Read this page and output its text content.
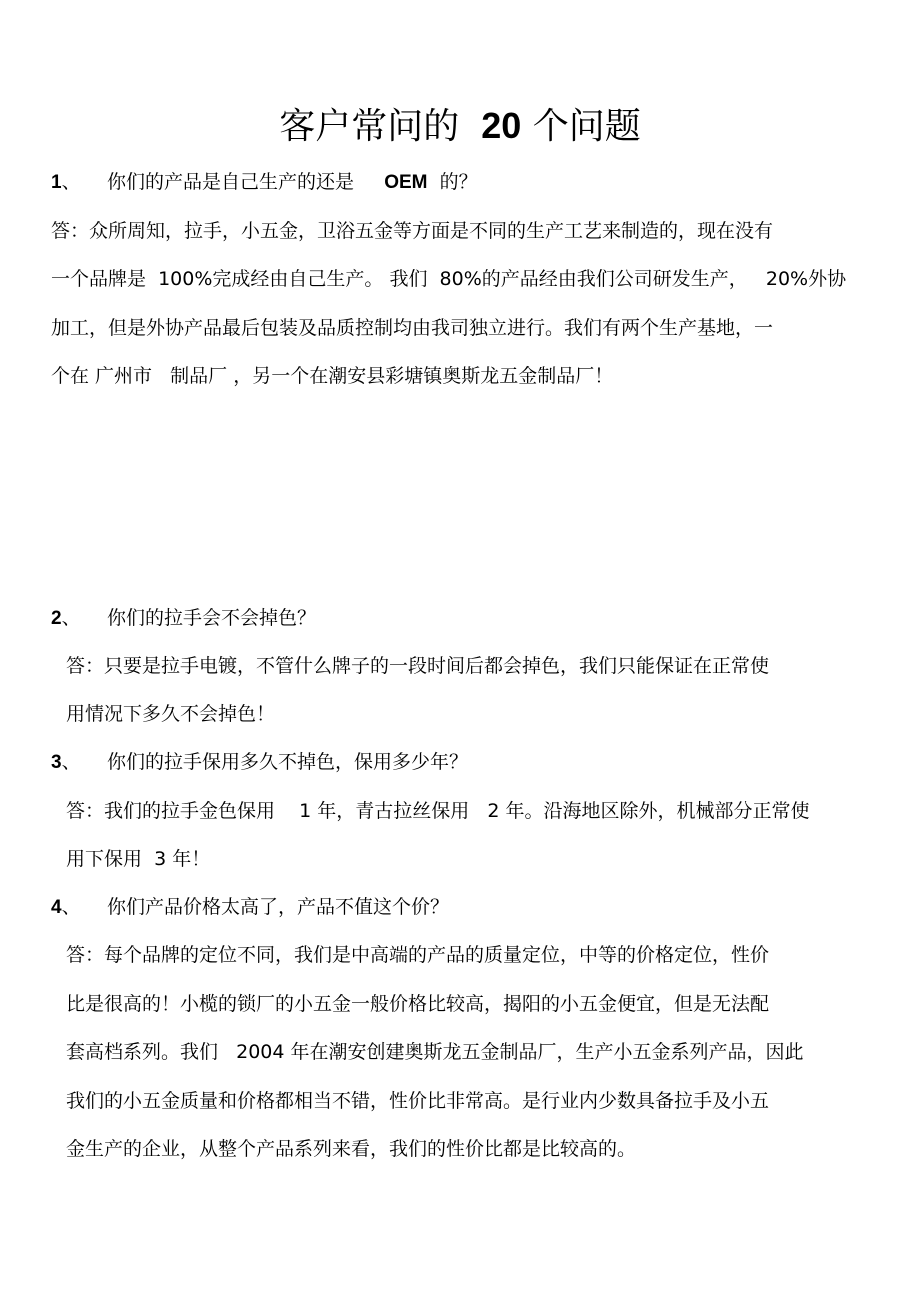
客户常问的 20 个问题
1、 你们的产品是自己生产的还是 OEM 的？
答：众所周知，拉手，小五金，卫浴五金等方面是不同的生产工艺来制造的，现在没有
一个品牌是  100%完成经由自己生产。 我们  80%的产品经由我们公司研发生产，   20%外协
加工，但是外协产品最后包装及品质控制均由我司独立进行。我们有两个生产基地，一
个在 广州市   制品厂 ，另一个在潮安县彩塘镇奥斯龙五金制品厂！
2、 你们的拉手会不会掉色？
答：只要是拉手电镀，不管什么牌子的一段时间后都会掉色，我们只能保证在正常使
用情况下多久不会掉色！
3、 你们的拉手保用多久不掉色，保用多少年？
答：我们的拉手金色保用    1 年，青古拉丝保用   2 年。沿海地区除外，机械部分正常使
用下保用  3 年！
4、 你们产品价格太高了，产品不值这个价？
答：每个品牌的定位不同，我们是中高端的产品的质量定位，中等的价格定位，性价
比是很高的！小榄的锁厂的小五金一般价格比较高，揭阳的小五金便宜，但是无法配
套高档系列。我们   2004 年在潮安创建奥斯龙五金制品厂，生产小五金系列产品，因此
我们的小五金质量和价格都相当不错，性价比非常高。是行业内少数具备拉手及小五
金生产的企业，从整个产品系列来看，我们的性价比都是比较高的。
